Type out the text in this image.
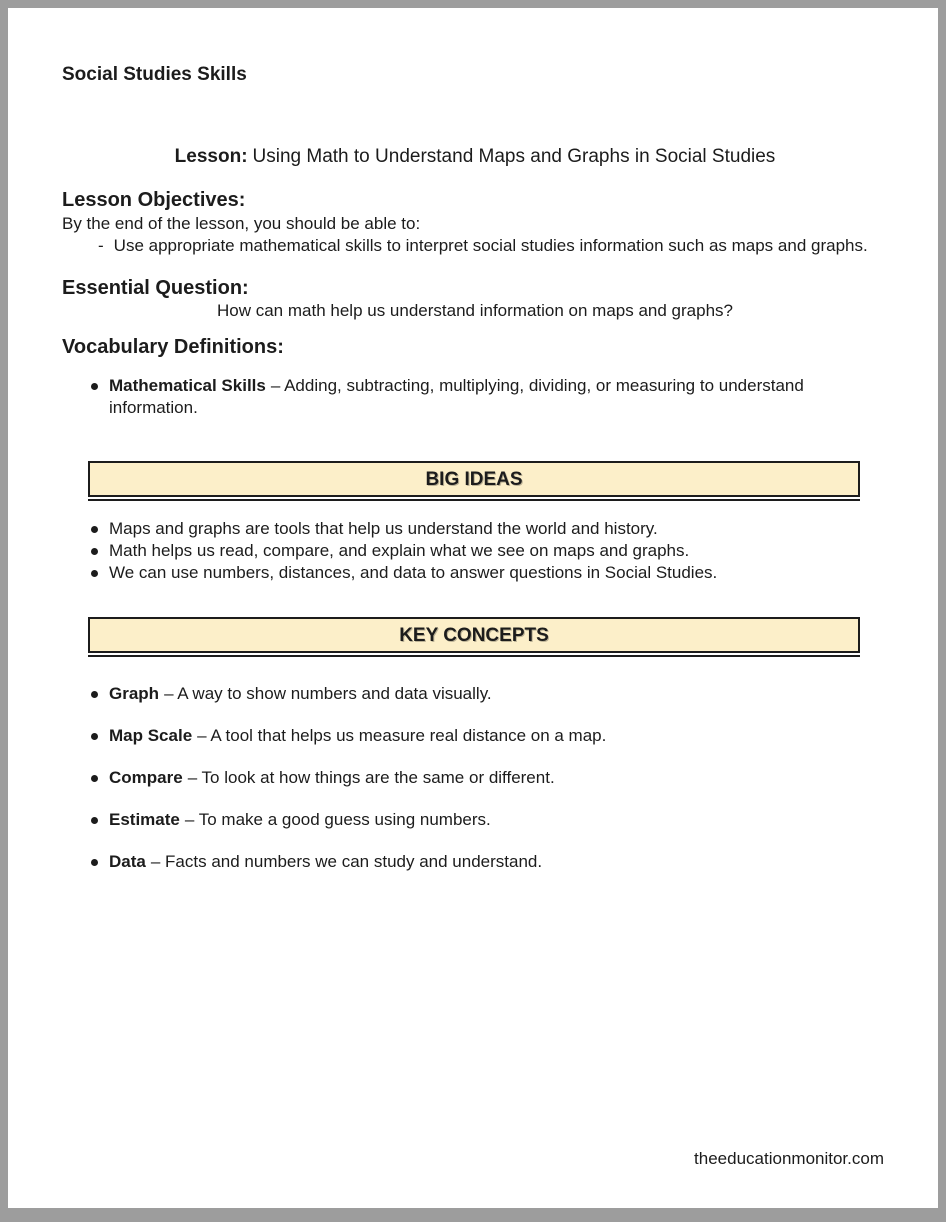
Social Studies Skills
Lesson: Using Math to Understand Maps and Graphs in Social Studies
Lesson Objectives:
By the end of the lesson, you should be able to:
- Use appropriate mathematical skills to interpret social studies information such as maps and graphs.
Essential Question:
How can math help us understand information on maps and graphs?
Vocabulary Definitions:
Mathematical Skills – Adding, subtracting, multiplying, dividing, or measuring to understand information.
BIG IDEAS
Maps and graphs are tools that help us understand the world and history.
Math helps us read, compare, and explain what we see on maps and graphs.
We can use numbers, distances, and data to answer questions in Social Studies.
KEY CONCEPTS
Graph – A way to show numbers and data visually.
Map Scale – A tool that helps us measure real distance on a map.
Compare – To look at how things are the same or different.
Estimate – To make a good guess using numbers.
Data – Facts and numbers we can study and understand.
theeducationmonitor.com
